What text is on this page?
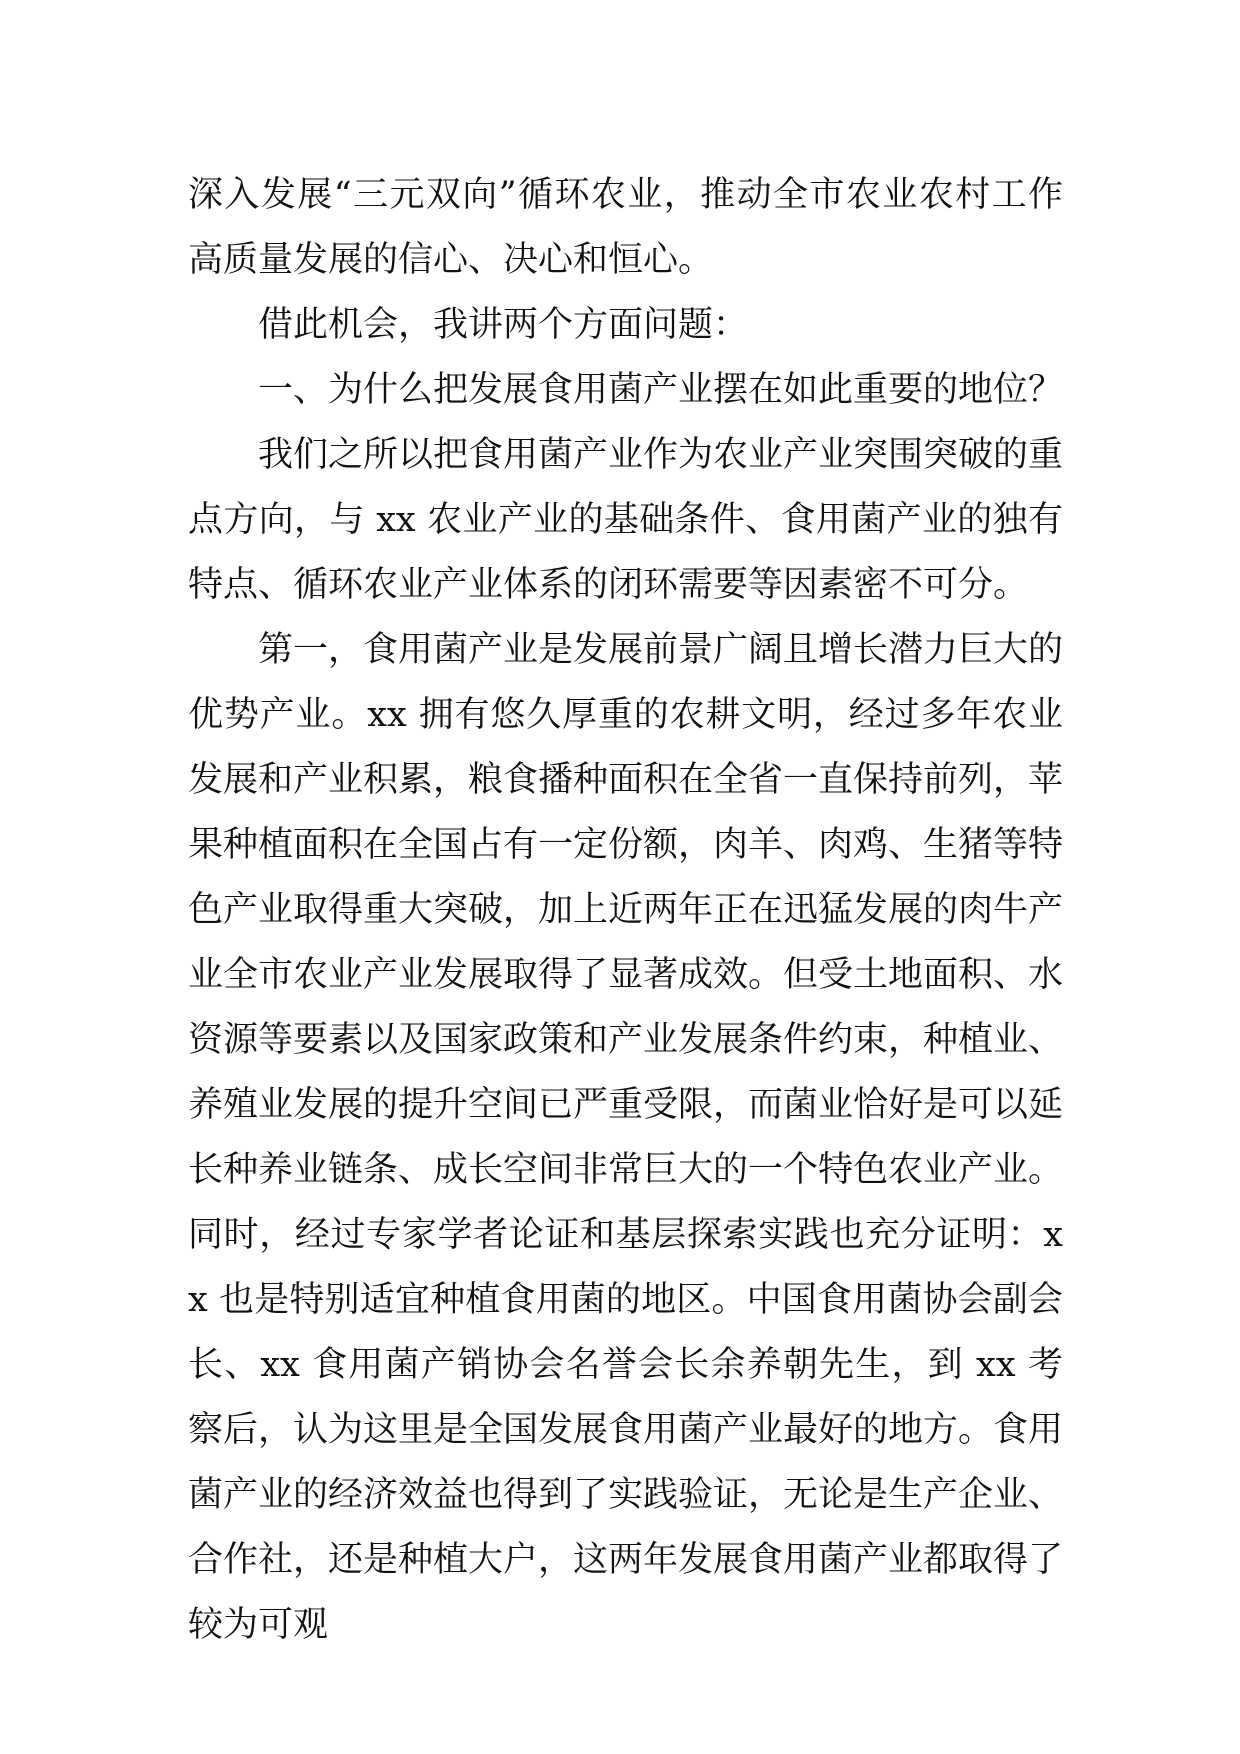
深入发展“三元双向”循环农业，推动全市农业农村工作高质量发展的信心、决心和恒心。

借此机会，我讲两个方面问题：

一、为什么把发展食用菌产业摆在如此重要的地位？

我们之所以把食用菌产业作为农业产业突围突破的重点方向，与 xx 农业产业的基础条件、食用菌产业的独有特点、循环农业产业体系的闭环需要等因素密不可分。

第一，食用菌产业是发展前景广阔且增长潜力巨大的优势产业。xx 拥有悠久厚重的农耕文明，经过多年农业发展和产业积累，粮食播种面积在全省一直保持前列，苹果种植面积在全国占有一定份额，肉羊、肉鸡、生猪等特色产业取得重大突破，加上近两年正在迅猛发展的肉牛产业全市农业产业发展取得了显著成效。但受土地面积、水资源等要素以及国家政策和产业发展条件约束，种植业、养殖业发展的提升空间已严重受限，而菌业恰好是可以延长种养业链条、成长空间非常巨大的一个特色农业产业。同时，经过专家学者论证和基层探索实践也充分证明：xx 也是特别适宜种植食用菌的地区。中国食用菌协会副会长、xx 食用菌产销协会名誉会长余养朝先生，到 xx 考察后，认为这里是全国发展食用菌产业最好的地方。食用菌产业的经济效益也得到了实践验证，无论是生产企业、合作社，还是种植大户，这两年发展食用菌产业都取得了较为可观
